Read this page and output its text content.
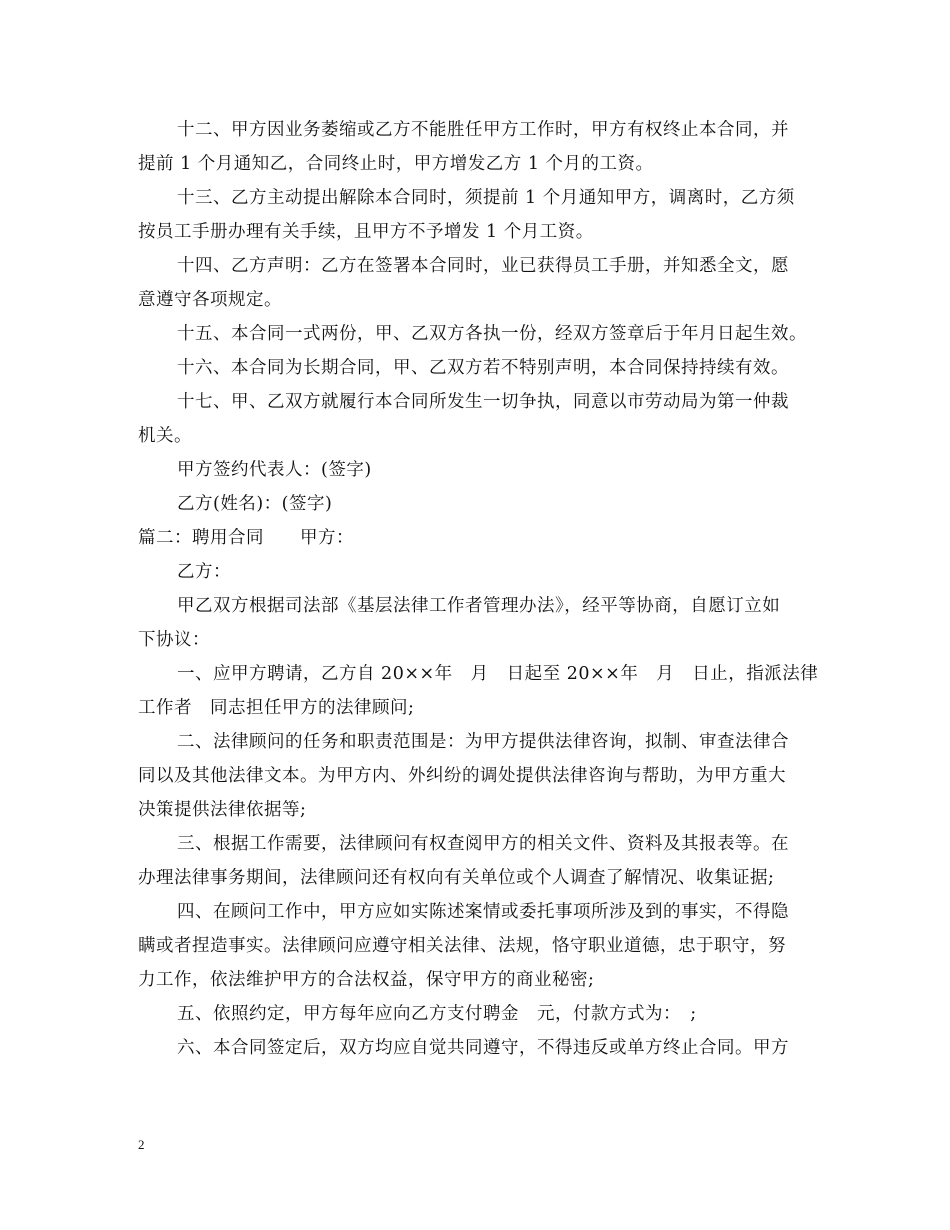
十二、甲方因业务萎缩或乙方不能胜任甲方工作时，甲方有权终止本合同，并
提前 1 个月通知乙，合同终止时，甲方增发乙方 1 个月的工资。
十三、乙方主动提出解除本合同时，须提前 1 个月通知甲方，调离时，乙方须
按员工手册办理有关手续，且甲方不予增发 1 个月工资。
十四、乙方声明：乙方在签署本合同时，业已获得员工手册，并知悉全文，愿
意遵守各项规定。
十五、本合同一式两份，甲、乙双方各执一份，经双方签章后于年月日起生效。
十六、本合同为长期合同，甲、乙双方若不特别声明，本合同保持持续有效。
十七、甲、乙双方就履行本合同所发生一切争执，同意以市劳动局为第一仲裁
机关。
甲方签约代表人：(签字)
乙方(姓名)：(签字)
篇二：聘用合同　　甲方：
乙方：
甲乙双方根据司法部《基层法律工作者管理办法》，经平等协商，自愿订立如
下协议：
一、应甲方聘请，乙方自 20××年　月　日起至 20××年　月　日止，指派法律
工作者　同志担任甲方的法律顾问;
二、法律顾问的任务和职责范围是：为甲方提供法律咨询，拟制、审查法律合
同以及其他法律文本。为甲方内、外纠纷的调处提供法律咨询与帮助，为甲方重大
决策提供法律依据等;
三、根据工作需要，法律顾问有权查阅甲方的相关文件、资料及其报表等。在
办理法律事务期间，法律顾问还有权向有关单位或个人调查了解情况、收集证据;
四、在顾问工作中，甲方应如实陈述案情或委托事项所涉及到的事实，不得隐
瞒或者捏造事实。法律顾问应遵守相关法律、法规，恪守职业道德，忠于职守，努
力工作，依法维护甲方的合法权益，保守甲方的商业秘密;
五、依照约定，甲方每年应向乙方支付聘金　元，付款方式为：　;
六、本合同签定后，双方均应自觉共同遵守，不得违反或单方终止合同。甲方
2
